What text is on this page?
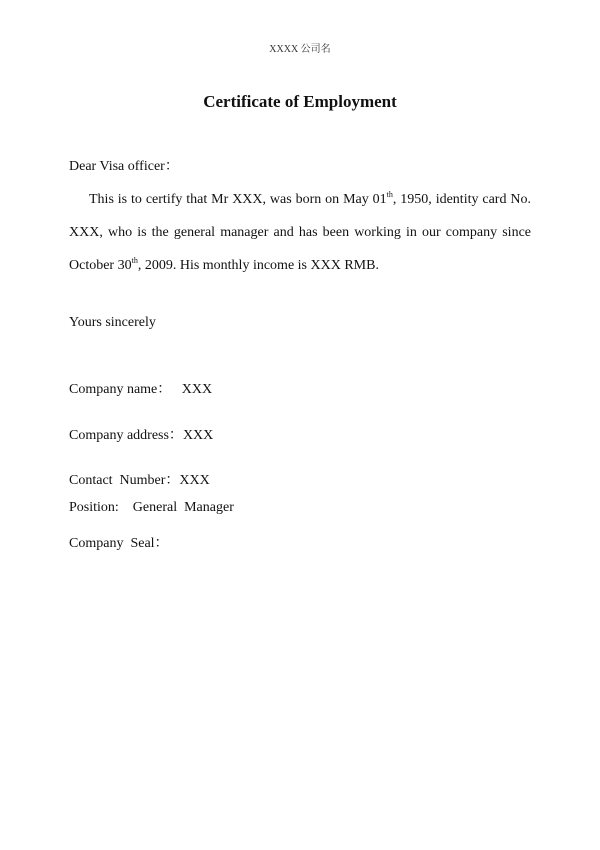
XXXX 公司名
Certificate of Employment
Dear Visa officer：
This is to certify that Mr XXX, was born on May 01th, 1950, identity card No. XXX, who is the general manager and has been working in our company since October 30th, 2009. His monthly income is XXX RMB.
Yours sincerely
Company name： XXX
Company address：XXX
Contact  Number：XXX
Position: General  Manager
Company  Seal：
